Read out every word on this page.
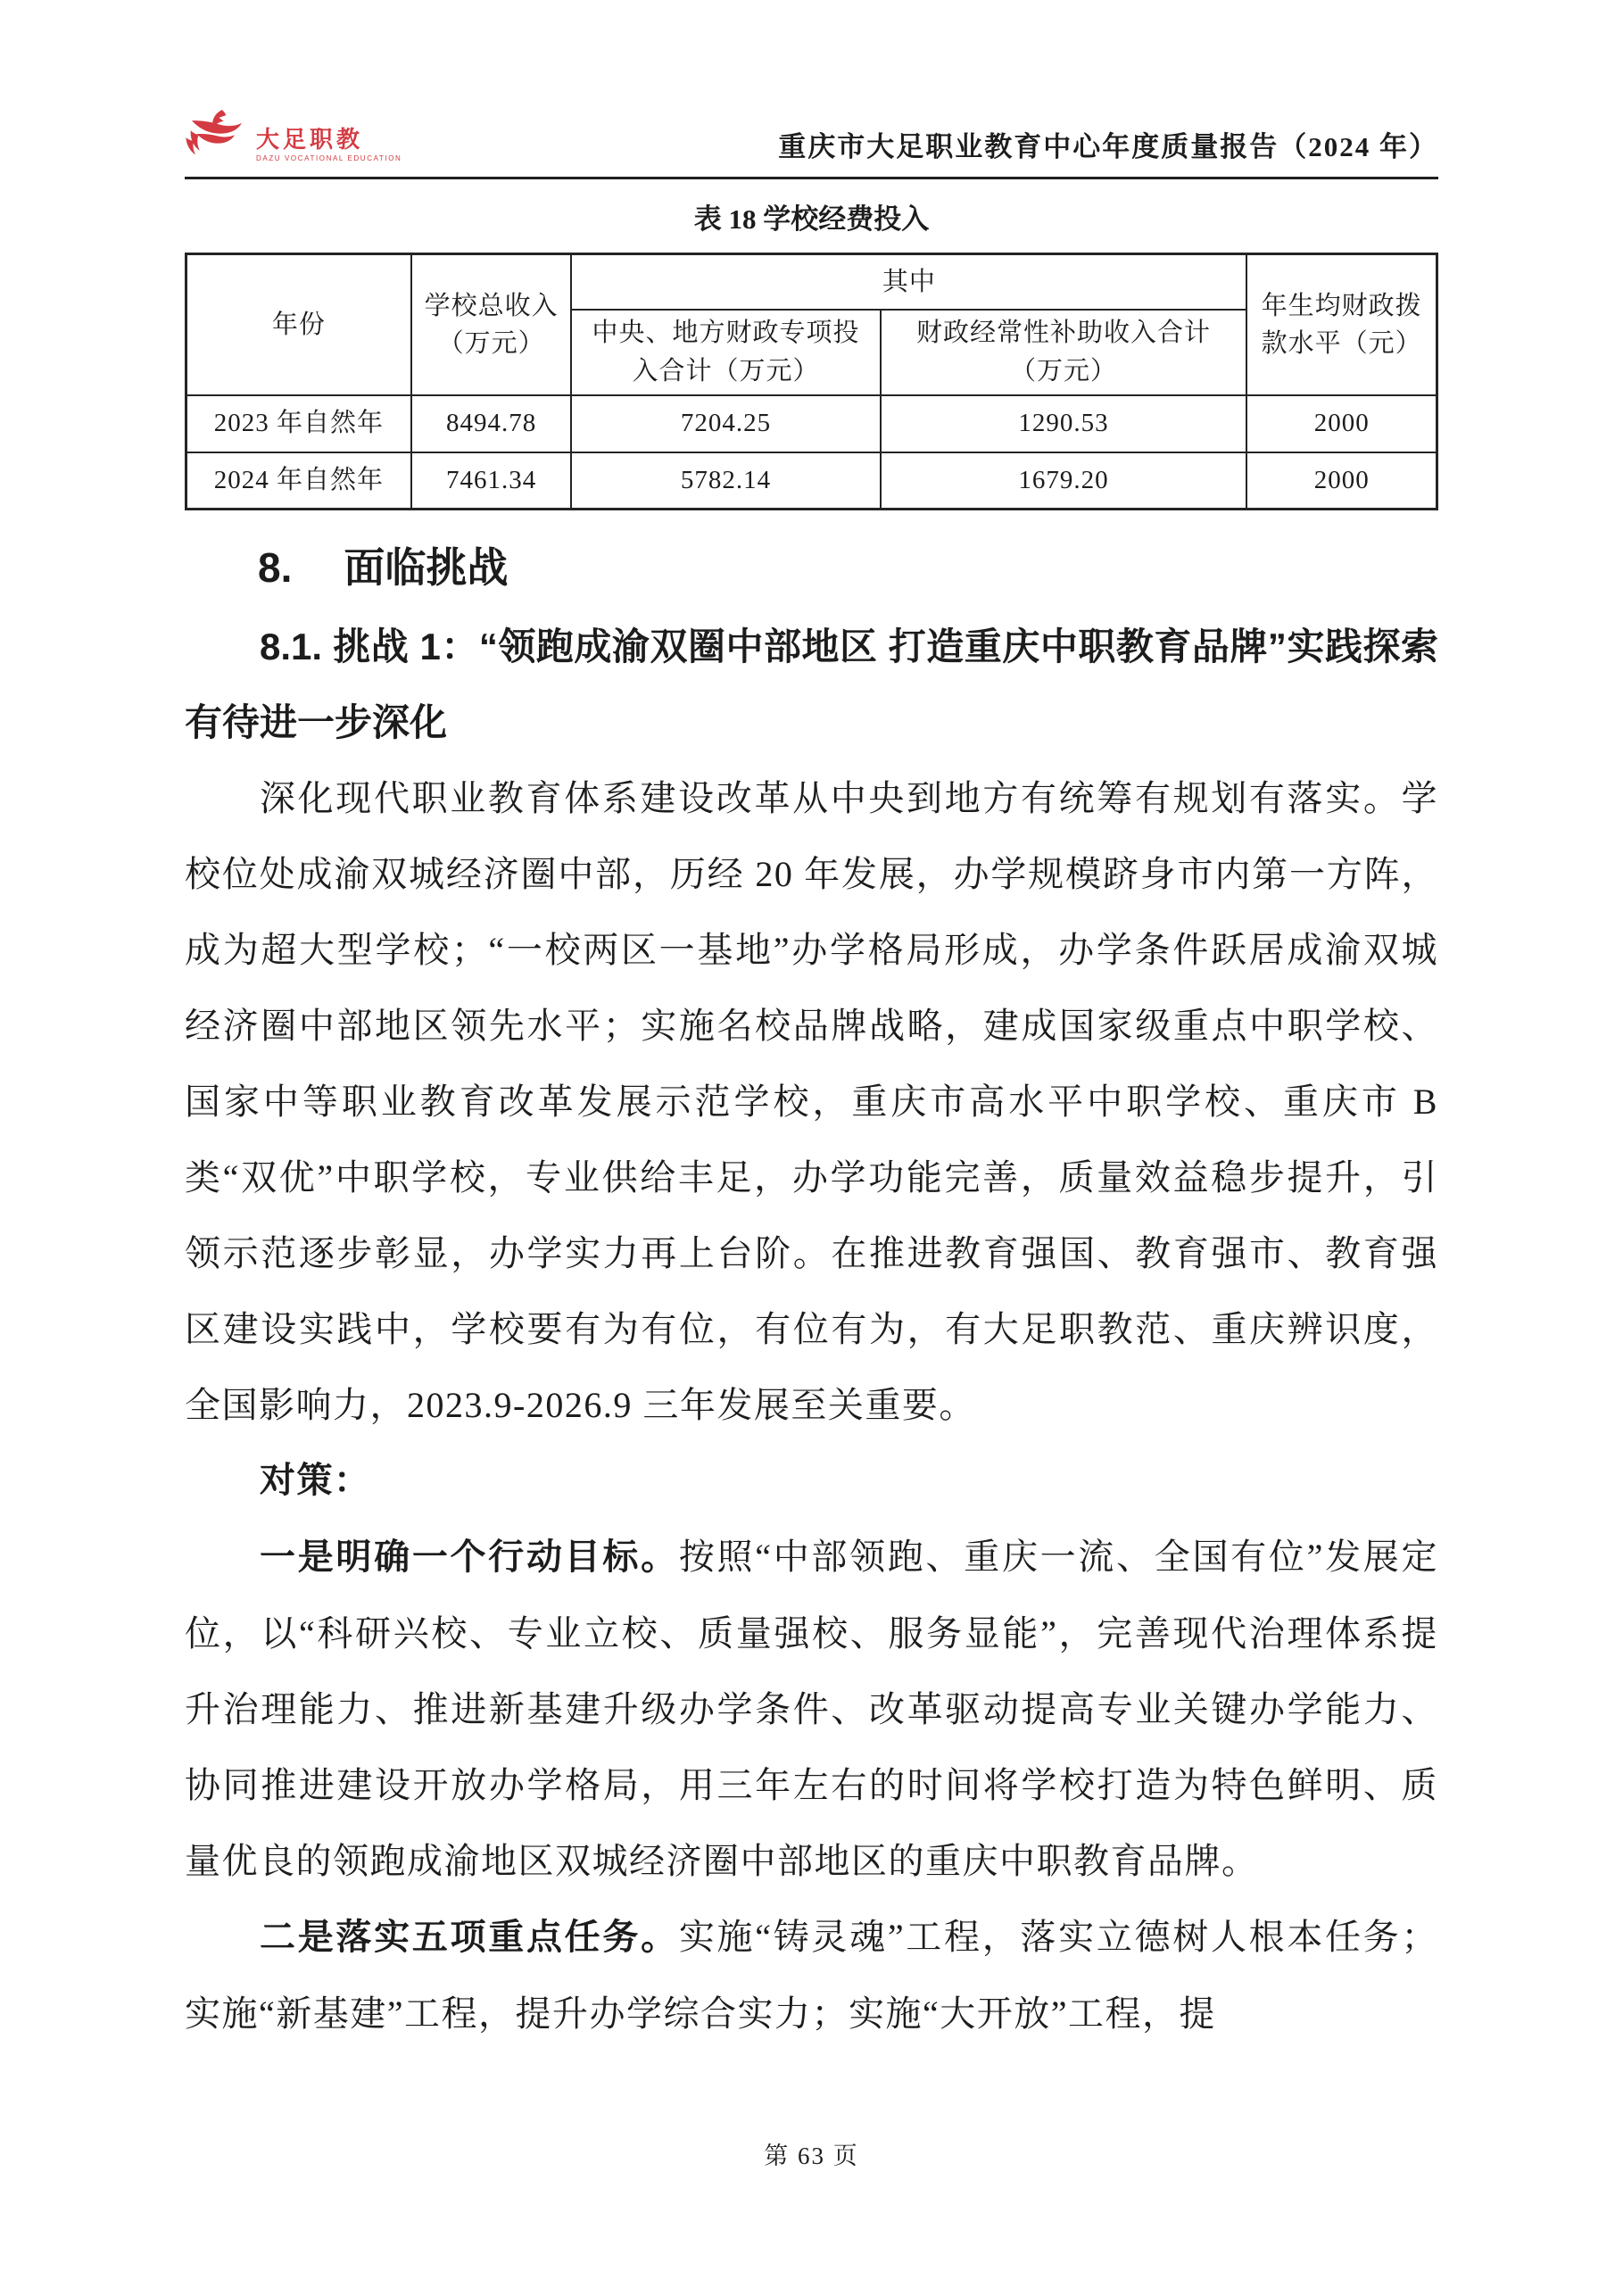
大足职教
DAZU VOCATIONAL EDUCATION	重庆市大足职业教育中心年度质量报告（2024 年）
表 18 学校经费投入
年份	学校总收入（万元）	其中		年生均财政拨款水平（元）
		中央、地方财政专项投入合计（万元）	财政经常性补助收入合计（万元）	
2023 年自然年	8494.78	7204.25	1290.53	2000
2024 年自然年	7461.34	5782.14	1679.20	2000
8. 面临挑战

8.1. 挑战 1：“领跑成渝双圈中部地区 打造重庆中职教育品牌”实践探索有待进一步深化

深化现代职业教育体系建设改革从中央到地方有统筹有规划有落实。学校位处成渝双城经济圈中部，历经 20 年发展，办学规模跻身市内第一方阵，成为超大型学校；“一校两区一基地”办学格局形成，办学条件跃居成渝双城经济圈中部地区领先水平；实施名校品牌战略，建成国家级重点中职学校、国家中等职业教育改革发展示范学校，重庆市高水平中职学校、重庆市 B 类“双优”中职学校，专业供给丰足，办学功能完善，质量效益稳步提升，引领示范逐步彰显，办学实力再上台阶。在推进教育强国、教育强市、教育强区建设实践中，学校要有为有位，有位有为，有大足职教范、重庆辨识度，全国影响力，2023.9-2026.9 三年发展至关重要。

对策：

一是明确一个行动目标。按照“中部领跑、重庆一流、全国有位”发展定位，以“科研兴校、专业立校、质量强校、服务显能”，完善现代治理体系提升治理能力、推进新基建升级办学条件、改革驱动提高专业关键办学能力、协同推进建设开放办学格局，用三年左右的时间将学校打造为特色鲜明、质量优良的领跑成渝地区双城经济圈中部地区的重庆中职教育品牌。

二是落实五项重点任务。实施“铸灵魂”工程，落实立德树人根本任务；实施“新基建”工程，提升办学综合实力；实施“大开放”工程，提

第 63 页
